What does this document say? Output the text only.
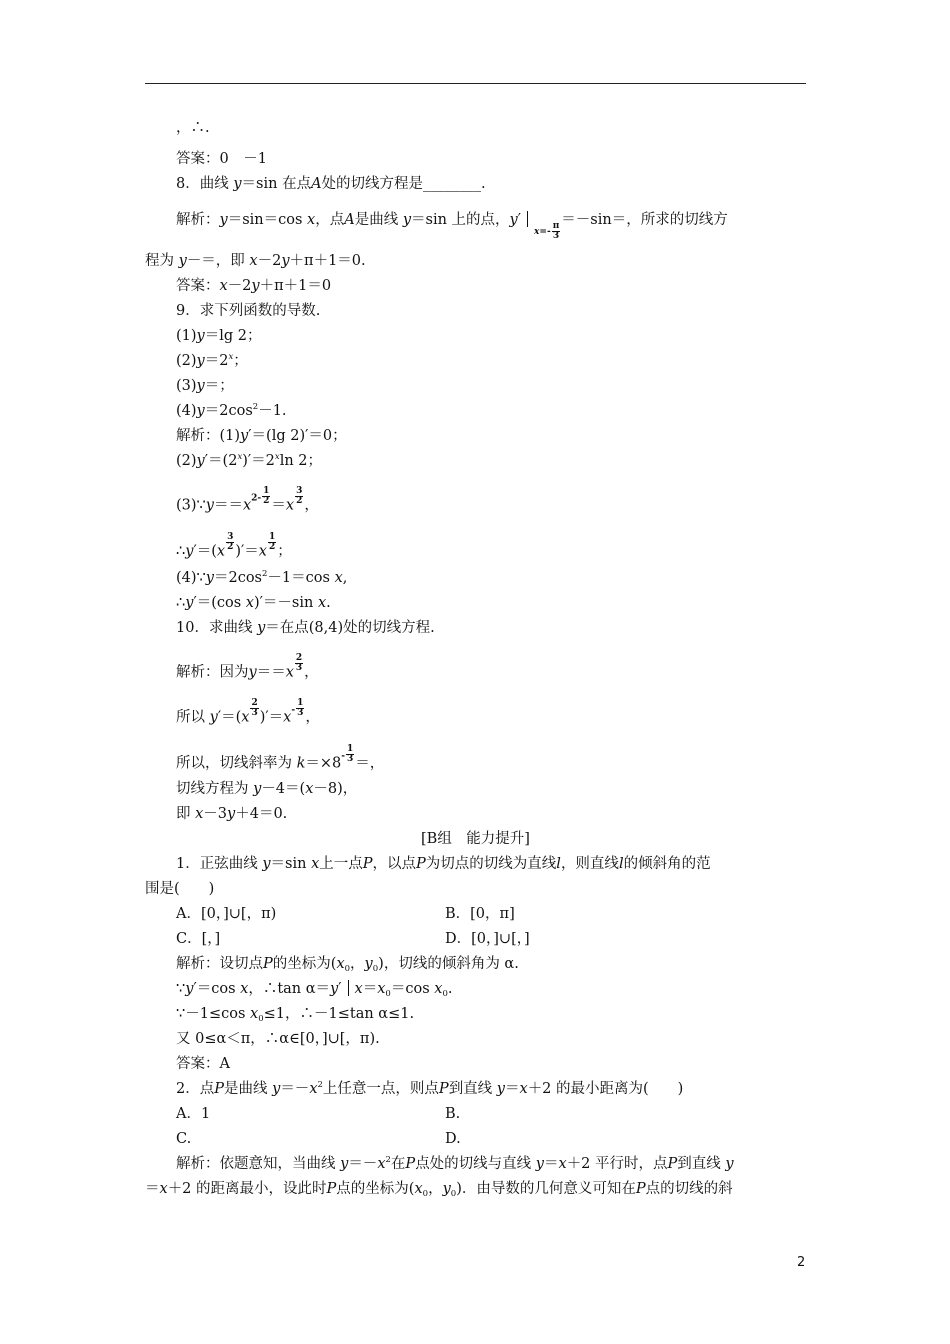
，∴.
答案：0　－1
8．曲线 y＝sin 在点A处的切线方程是________.
解析：y＝sin＝cos x，点A是曲线 y＝sin 上的点，$y'x=- \frac{\pi}{3}$
＝－sin＝，所求的切线方
程为 y－＝，即 x－2y＋π＋1＝0.
答案：x－2y＋π＋1＝0
9．求下列函数的导数.
(1)y＝lg 2；
$(2)y=2^x$；
(3)y＝；
$(4)y=2\cos^2-1$.
解析：(1)y′＝(lg 2)′＝0；
$(2)y'=(2^x)'=2^x\ln$ 2；
(3)∵y＝＝x2- $\frac{1}{2} =x \frac{3}{2}$ ，
∴y′＝(x $\frac{3}{2} )'=x \frac{1}{2}$ ；
$(4)\because y=2\cos^2-1=\cos$ x,
∴y′＝(cos x)′＝－sin x.
10．求曲线 y＝在点(8,4)处的切线方程.
解析：因为$y==x \frac{2}{3}$ ，
所以 $y'=(x \frac{2}{3} )'=x- \frac{1}{3}$ ，
所以，切线斜率为 $k=\times 8- \frac{1}{3}$ ＝，
切线方程为 y－4＝(x－8)，
即 x－3y＋4＝0.
[B组　能力提升]
1．正弦曲线 y＝sin x上一点P，以点P为切点的切线为直线l，则直线l的倾斜角的范
围是(　　)
A．[0，]∪[，π)	B．[0，π]
C．[，]	D．[0，]∪[，]
解析：设切点P的坐标为($x_0$，$y_0$)，切线的倾斜角为 α.
∵y′＝cos x，∴tan α＝y′ $x=x_0=\cos$ $x_0$.
∵－1≤cos $x_0\le 1$，∴－1≤tan α≤1.
又 0≤α＜π，∴α∈[0，]∪[，π).
答案：A
2．点P是曲线 $y=-x^2$上任意一点，则点P到直线 y＝x＋2 的最小距离为(　　)
A．1	B.
C.	D.
解析：依题意知，当曲线 $y=-x^2$在P点处的切线与直线 y＝x＋2 平行时，点P到直线 y
＝x＋2 的距离最小，设此时P点的坐标为($x_0$，$y_0$)．由导数的几何意义可知在P点的切线的斜
2
